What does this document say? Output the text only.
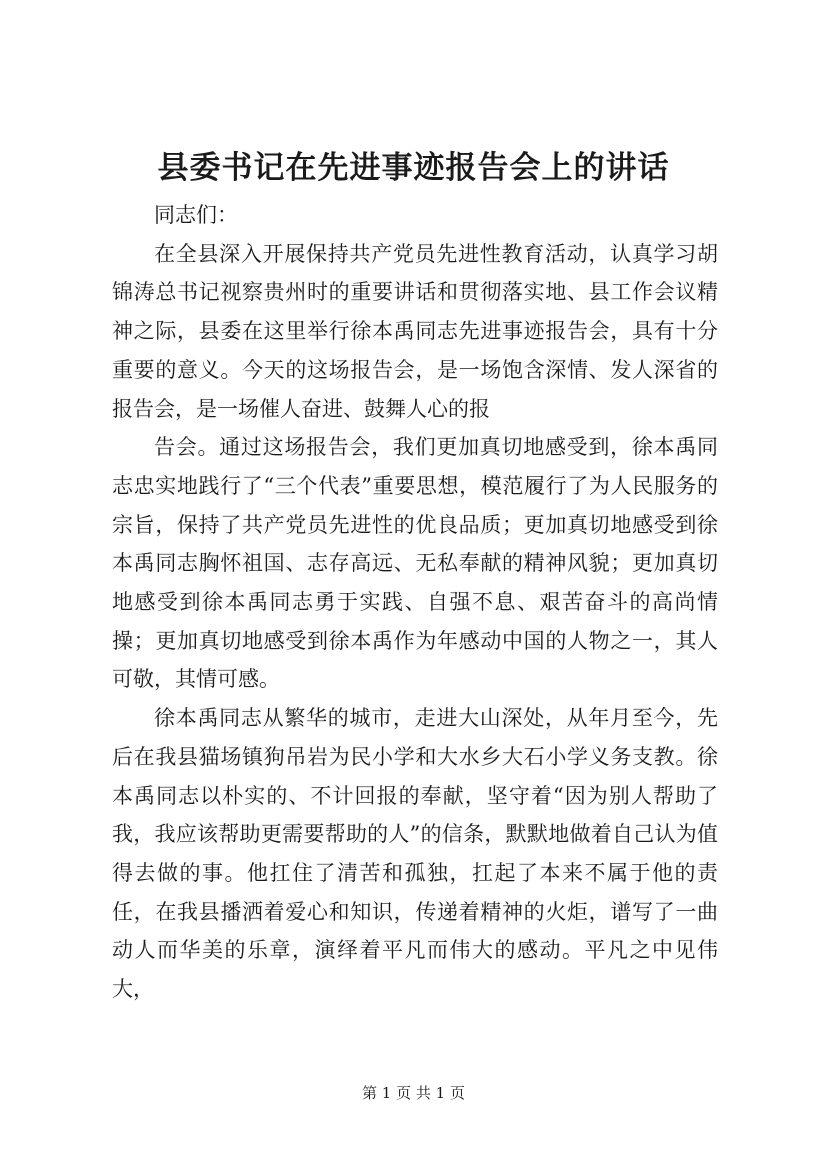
县委书记在先进事迹报告会上的讲话

同志们：

在全县深入开展保持共产党员先进性教育活动，认真学习胡锦涛总书记视察贵州时的重要讲话和贯彻落实地、县工作会议精神之际，县委在这里举行徐本禹同志先进事迹报告会，具有十分重要的意义。今天的这场报告会，是一场饱含深情、发人深省的报告会，是一场催人奋进、鼓舞人心的报

告会。通过这场报告会，我们更加真切地感受到，徐本禹同志忠实地践行了“三个代表”重要思想，模范履行了为人民服务的宗旨，保持了共产党员先进性的优良品质；更加真切地感受到徐本禹同志胸怀祖国、志存高远、无私奉献的精神风貌；更加真切地感受到徐本禹同志勇于实践、自强不息、艰苦奋斗的高尚情操；更加真切地感受到徐本禹作为年感动中国的人物之一，其人可敬，其情可感。

徐本禹同志从繁华的城市，走进大山深处，从年月至今，先后在我县猫场镇狗吊岩为民小学和大水乡大石小学义务支教。徐本禹同志以朴实的、不计回报的奉献，坚守着“因为别人帮助了我，我应该帮助更需要帮助的人”的信条，默默地做着自己认为值得去做的事。他扛住了清苦和孤独，扛起了本来不属于他的责任，在我县播洒着爱心和知识，传递着精神的火炬，谱写了一曲动人而华美的乐章，演绎着平凡而伟大的感动。平凡之中见伟大，

第 1 页 共 1 页
